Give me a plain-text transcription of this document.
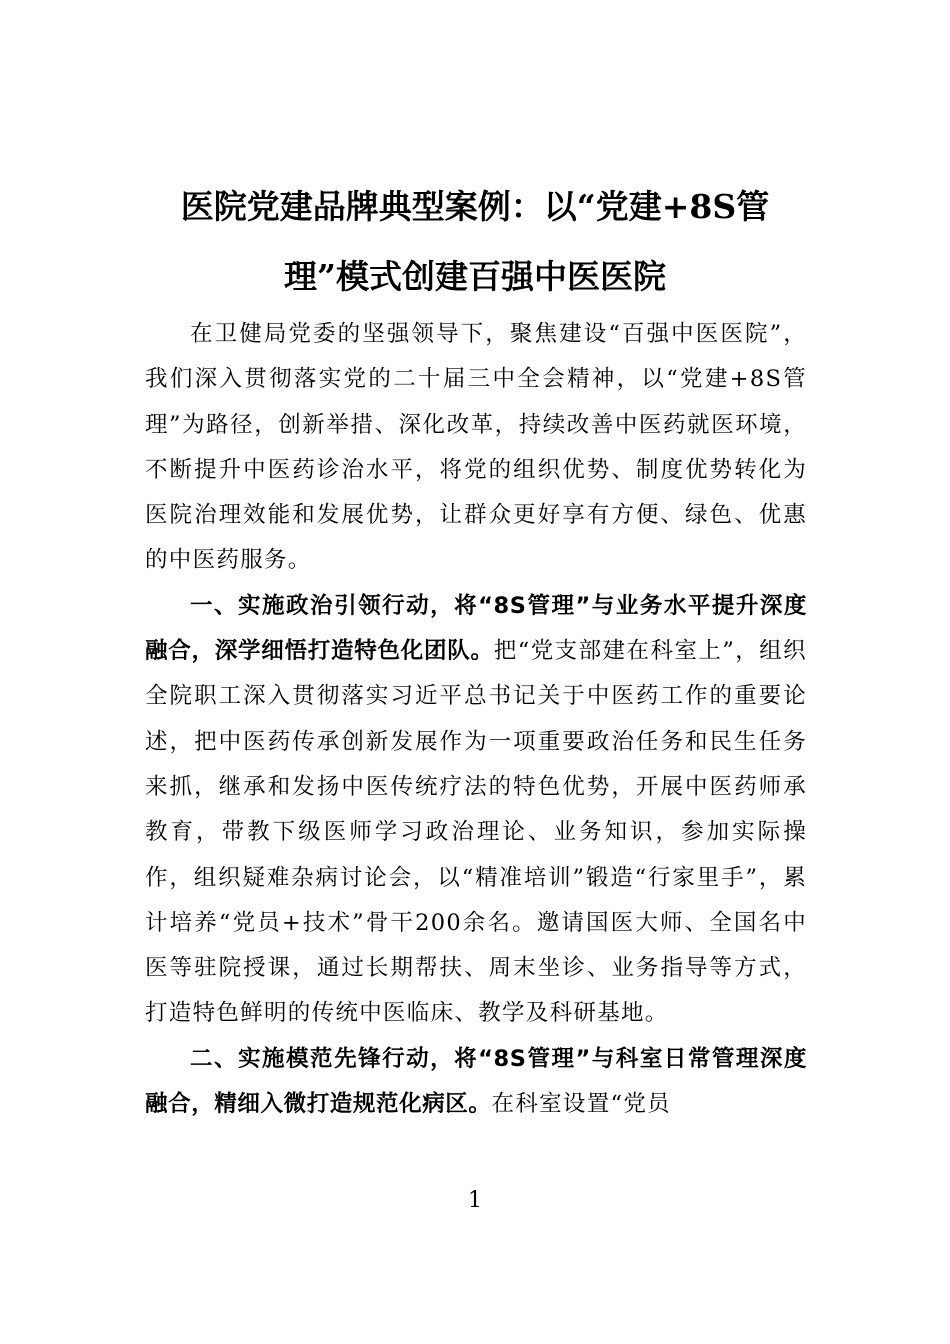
医院党建品牌典型案例：以“党建+8S管理”模式创建百强中医医院

在卫健局党委的坚强领导下，聚焦建设“百强中医医院”，我们深入贯彻落实党的二十届三中全会精神，以“党建+8S管理”为路径，创新举措、深化改革，持续改善中医药就医环境，不断提升中医药诊治水平，将党的组织优势、制度优势转化为医院治理效能和发展优势，让群众更好享有方便、绿色、优惠的中医药服务。

一、实施政治引领行动，将“8S管理”与业务水平提升深度融合，深学细悟打造特色化团队。把“党支部建在科室上”，组织全院职工深入贯彻落实习近平总书记关于中医药工作的重要论述，把中医药传承创新发展作为一项重要政治任务和民生任务来抓，继承和发扬中医传统疗法的特色优势，开展中医药师承教育，带教下级医师学习政治理论、业务知识，参加实际操作，组织疑难杂病讨论会，以“精准培训”锻造“行家里手”，累计培养“党员+技术”骨干200余名。邀请国医大师、全国名中医等驻院授课，通过长期帮扶、周末坐诊、业务指导等方式，打造特色鲜明的传统中医临床、教学及科研基地。

二、实施模范先锋行动，将“8S管理”与科室日常管理深度融合，精细入微打造规范化病区。在科室设置“党员

1
